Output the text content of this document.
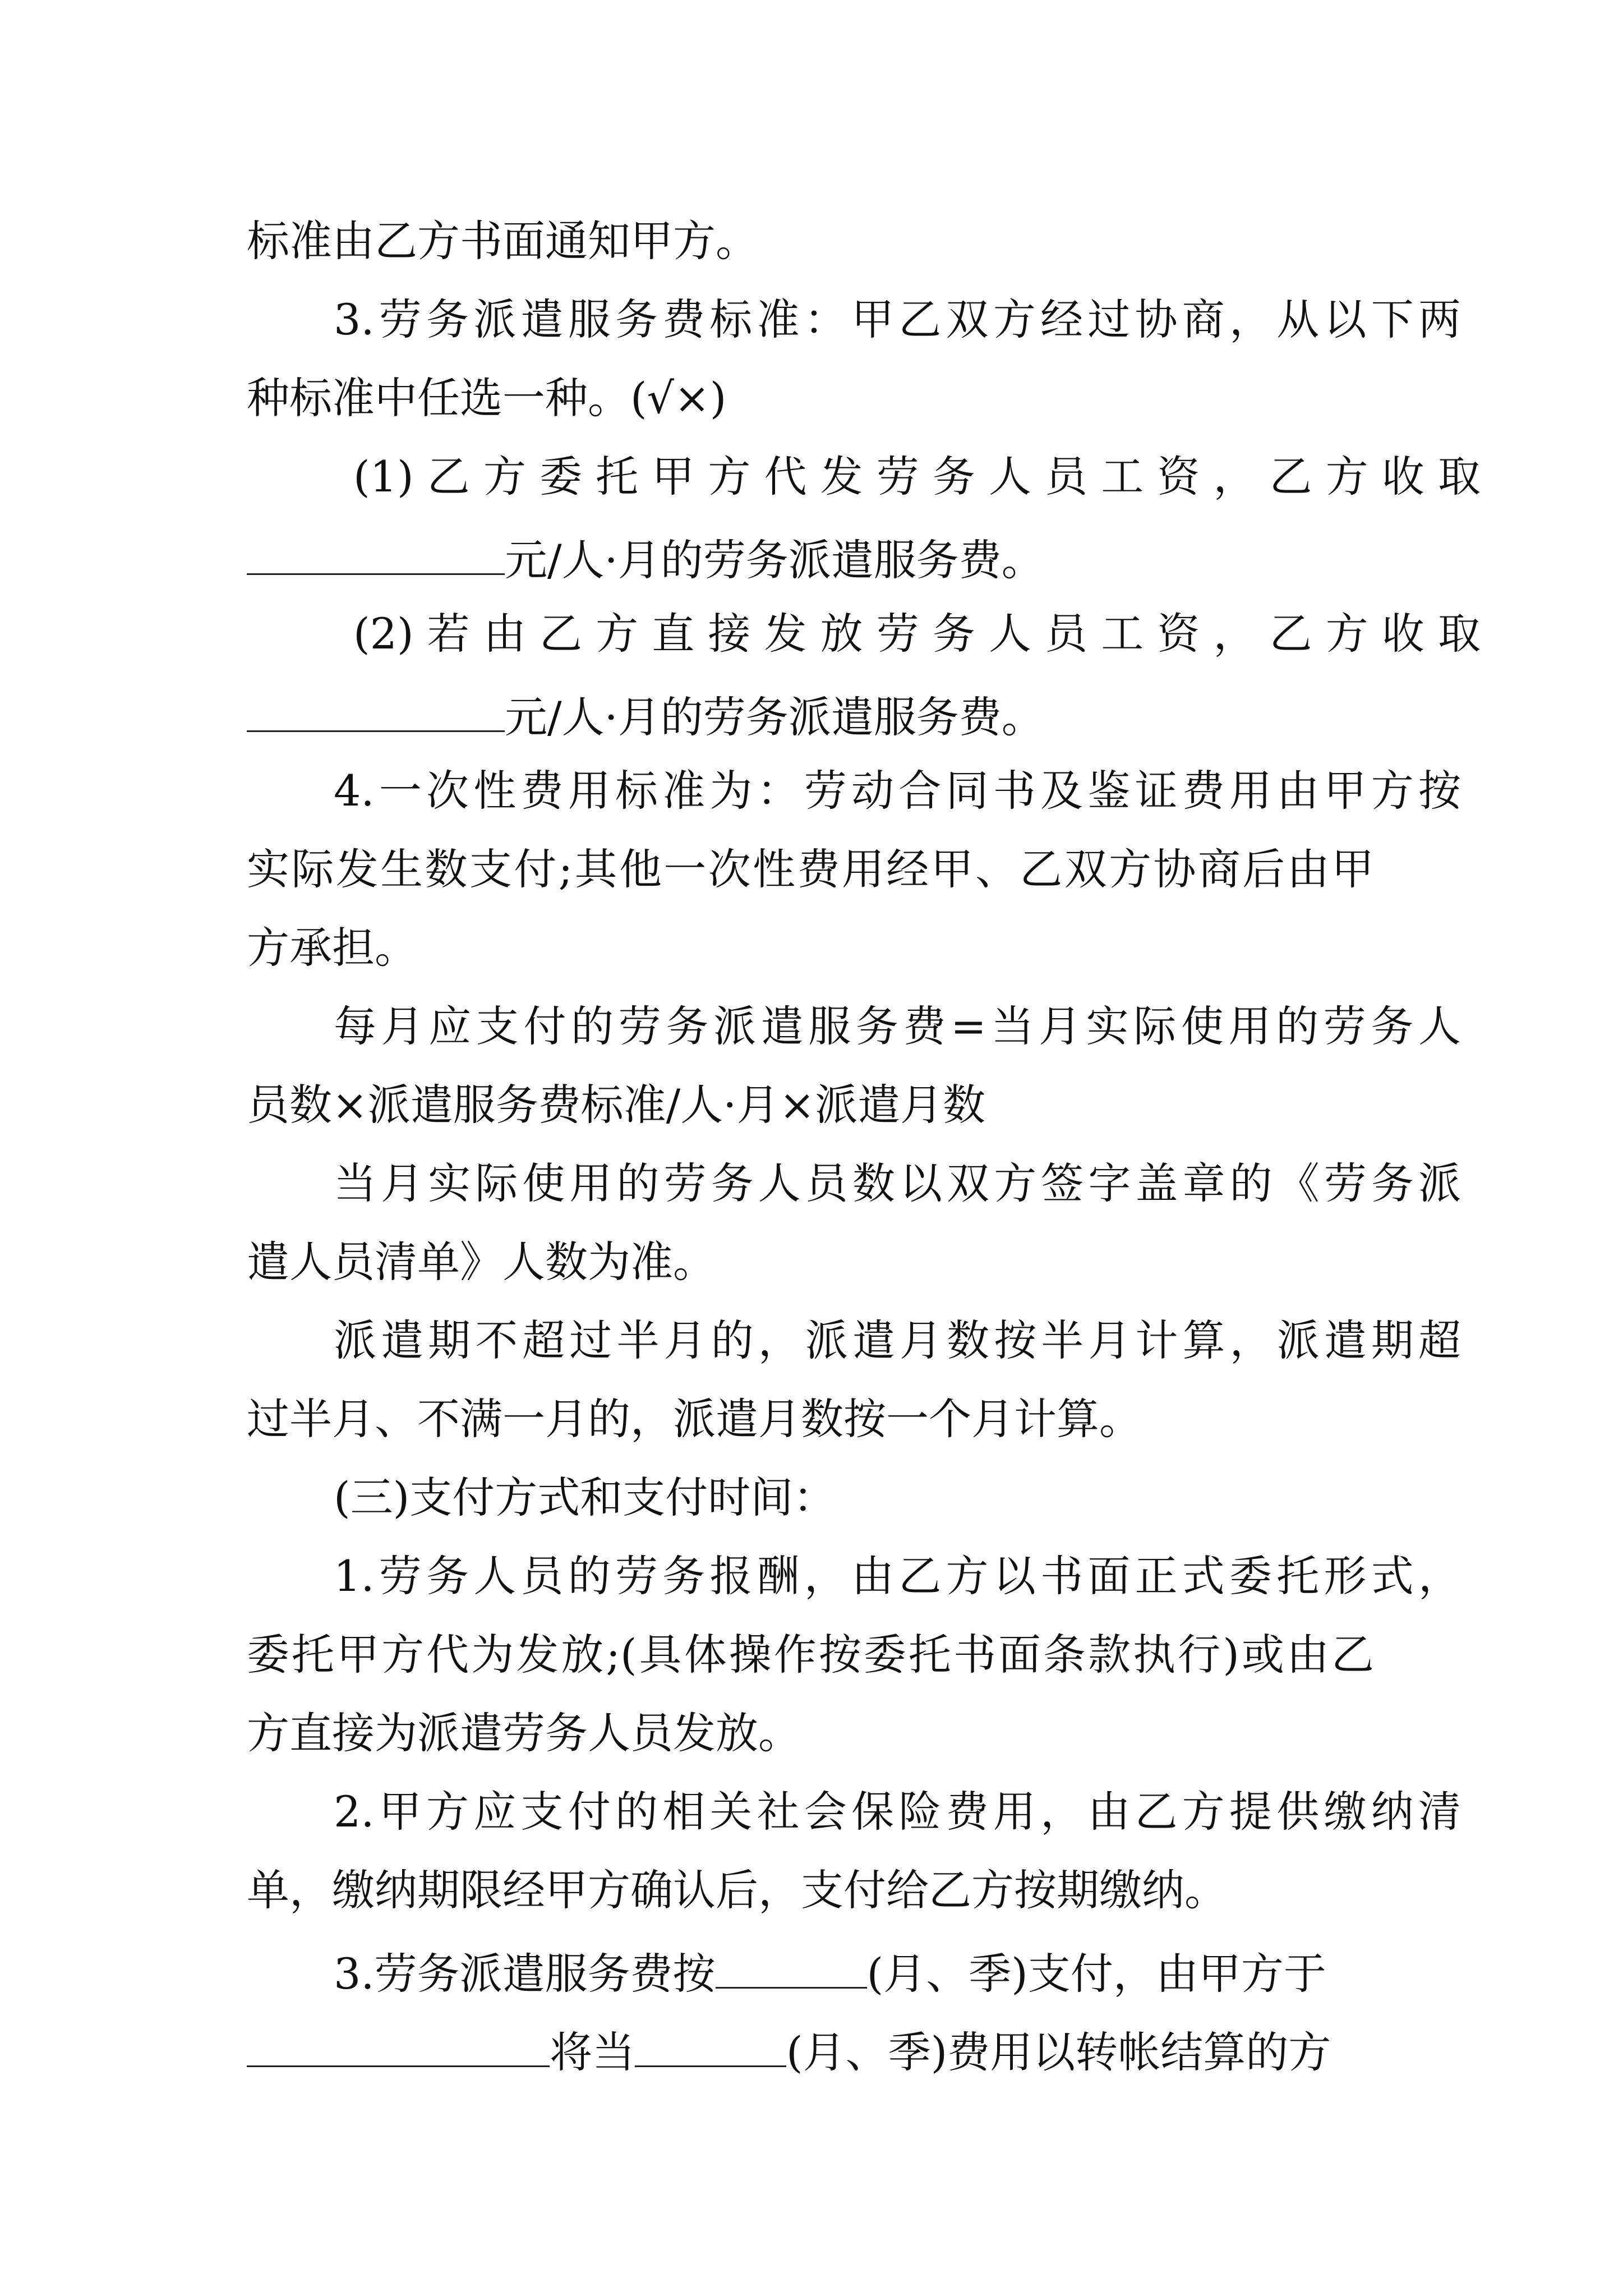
标准由乙方书面通知甲方。
3.劳务派遣服务费标准：甲乙双方经过协商，从以下两
种标准中任选一种。(√×)
(1)乙方委托甲方代发劳务人员工资，乙方收取
元/人·月的劳务派遣服务费。
(2)若由乙方直接发放劳务人员工资，乙方收取
元/人·月的劳务派遣服务费。
4.一次性费用标准为：劳动合同书及鉴证费用由甲方按
实际发生数支付;其他一次性费用经甲、乙双方协商后由甲
方承担。
每月应支付的劳务派遣服务费=当月实际使用的劳务人
员数×派遣服务费标准/人·月×派遣月数
当月实际使用的劳务人员数以双方签字盖章的《劳务派
遣人员清单》人数为准。
派遣期不超过半月的，派遣月数按半月计算，派遣期超
过半月、不满一月的，派遣月数按一个月计算。
(三)支付方式和支付时间：
1.劳务人员的劳务报酬，由乙方以书面正式委托形式，
委托甲方代为发放;(具体操作按委托书面条款执行)或由乙
方直接为派遣劳务人员发放。
2.甲方应支付的相关社会保险费用，由乙方提供缴纳清
单，缴纳期限经甲方确认后，支付给乙方按期缴纳。
3.劳务派遣服务费按	(月、季)支付，由甲方于
将当	(月、季)费用以转帐结算的方
